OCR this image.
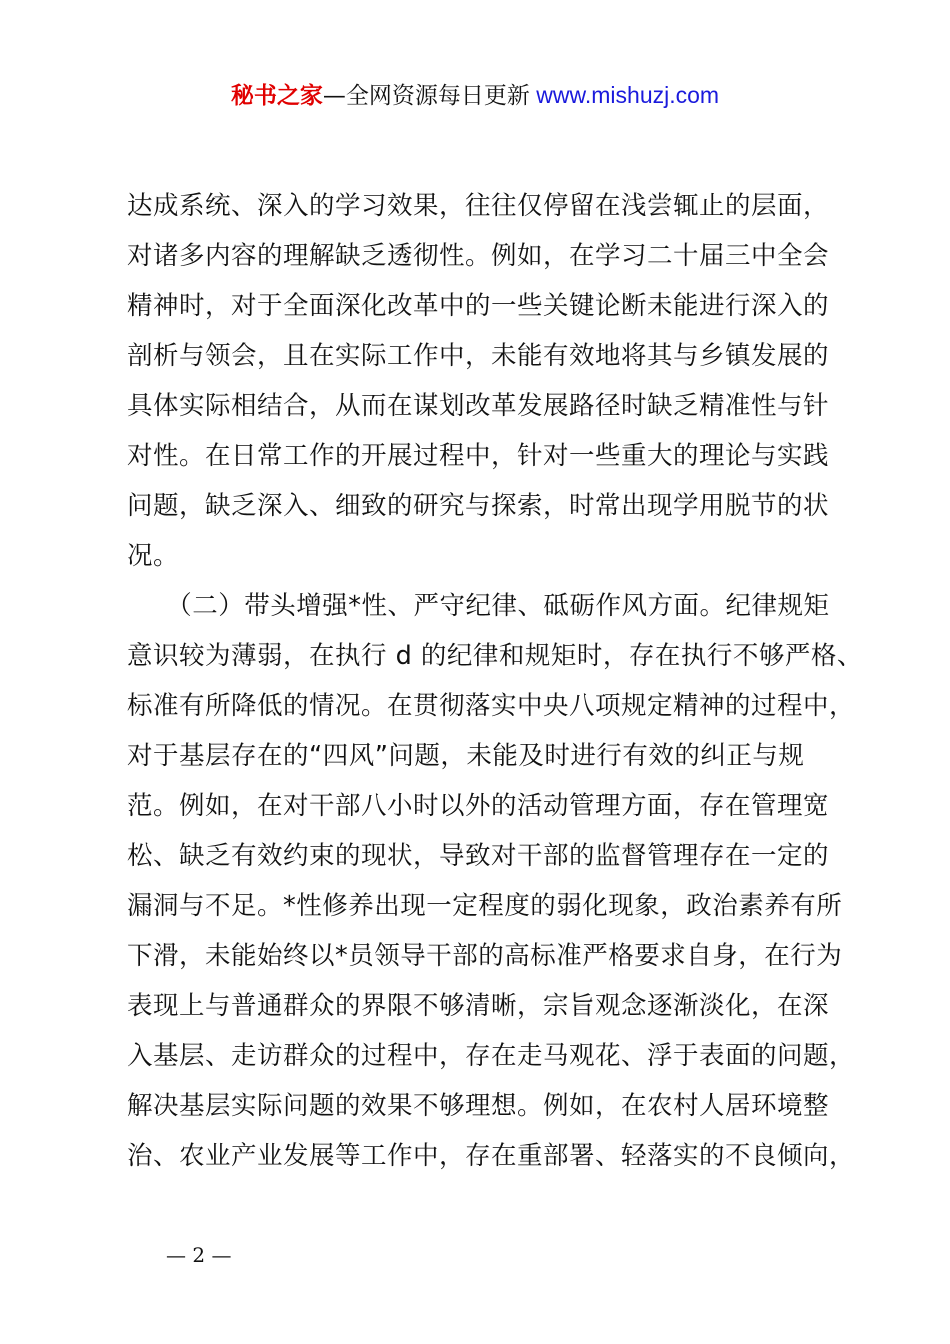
秘书之家—全网资源每日更新 www.mishuzj.com
达成系统、深入的学习效果，往往仅停留在浅尝辄止的层面，
对诸多内容的理解缺乏透彻性。例如，在学习二十届三中全会
精神时，对于全面深化改革中的一些关键论断未能进行深入的
剖析与领会，且在实际工作中，未能有效地将其与乡镇发展的
具体实际相结合，从而在谋划改革发展路径时缺乏精准性与针
对性。在日常工作的开展过程中，针对一些重大的理论与实践
问题，缺乏深入、细致的研究与探索，时常出现学用脱节的状
况。
　　（二）带头增强*性、严守纪律、砥砺作风方面。纪律规矩
意识较为薄弱，在执行 d 的纪律和规矩时，存在执行不够严格、
标准有所降低的情况。在贯彻落实中央八项规定精神的过程中，
对于基层存在的“四风”问题，未能及时进行有效的纠正与规
范。例如，在对干部八小时以外的活动管理方面，存在管理宽
松、缺乏有效约束的现状，导致对干部的监督管理存在一定的
漏洞与不足。*性修养出现一定程度的弱化现象，政治素养有所
下滑，未能始终以*员领导干部的高标准严格要求自身，在行为
表现上与普通群众的界限不够清晰，宗旨观念逐渐淡化，在深
入基层、走访群众的过程中，存在走马观花、浮于表面的问题，
解决基层实际问题的效果不够理想。例如，在农村人居环境整
治、农业产业发展等工作中，存在重部署、轻落实的不良倾向，
— 2 —
